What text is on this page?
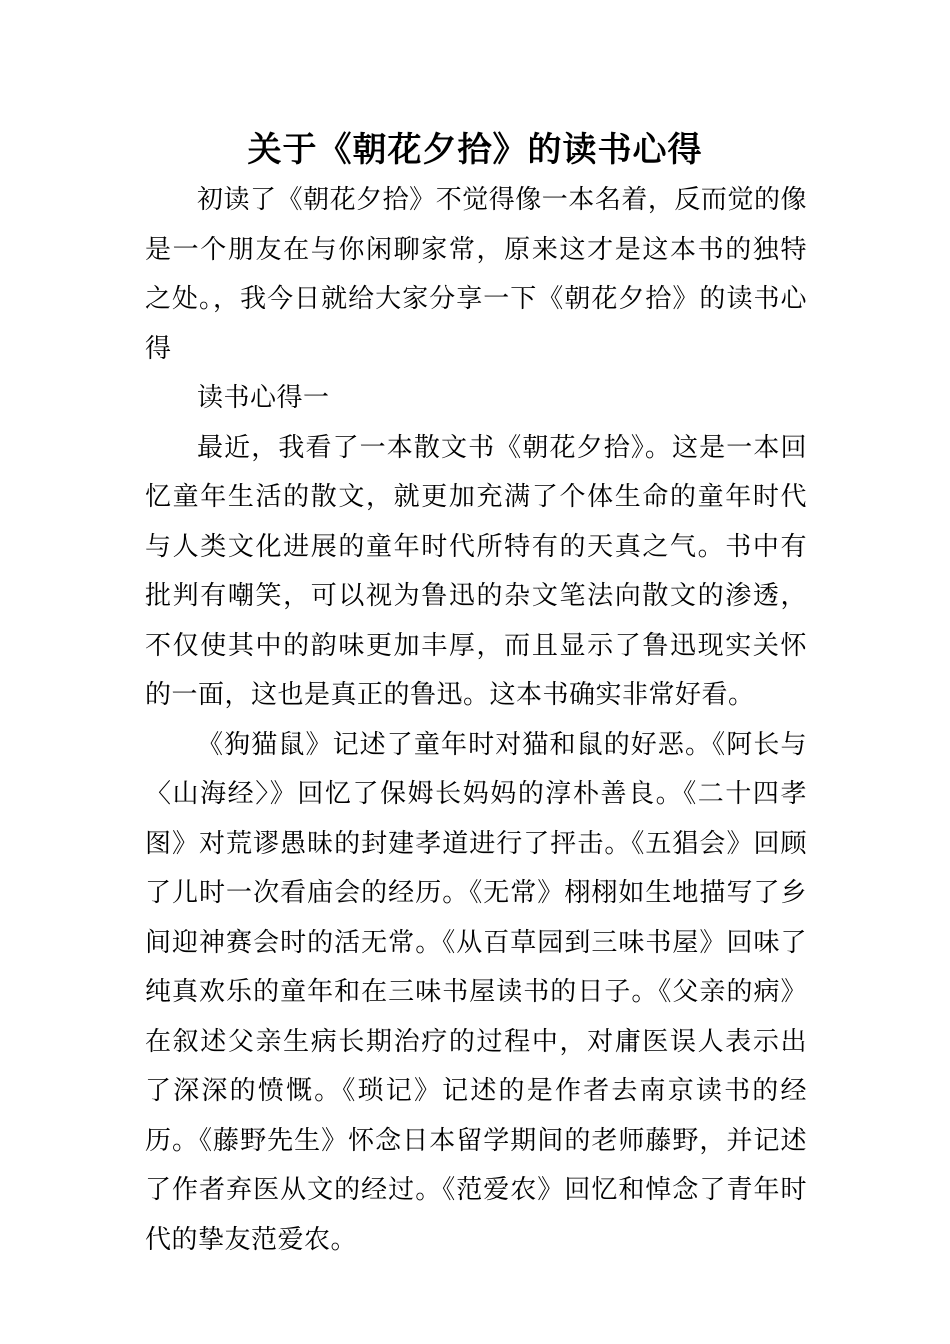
关于《朝花夕拾》的读书心得

初读了《朝花夕拾》不觉得像一本名着，反而觉的像是一个朋友在与你闲聊家常，原来这才是这本书的独特之处。，我今日就给大家分享一下《朝花夕拾》的读书心得

读书心得一

最近，我看了一本散文书《朝花夕拾》。这是一本回忆童年生活的散文，就更加充满了个体生命的童年时代与人类文化进展的童年时代所特有的天真之气。书中有批判有嘲笑，可以视为鲁迅的杂文笔法向散文的渗透，不仅使其中的韵味更加丰厚，而且显示了鲁迅现实关怀的一面，这也是真正的鲁迅。这本书确实非常好看。

《狗猫鼠》记述了童年时对猫和鼠的好恶。《阿长与〈山海经〉》回忆了保姆长妈妈的淳朴善良。《二十四孝图》对荒谬愚昧的封建孝道进行了抨击。《五猖会》回顾了儿时一次看庙会的经历。《无常》栩栩如生地描写了乡间迎神赛会时的活无常。《从百草园到三味书屋》回味了纯真欢乐的童年和在三味书屋读书的日子。《父亲的病》在叙述父亲生病长期治疗的过程中，对庸医误人表示出了深深的愤慨。《琐记》记述的是作者去南京读书的经历。《藤野先生》怀念日本留学期间的老师藤野，并记述了作者弃医从文的经过。《范爱农》回忆和悼念了青年时代的挚友范爱农。
